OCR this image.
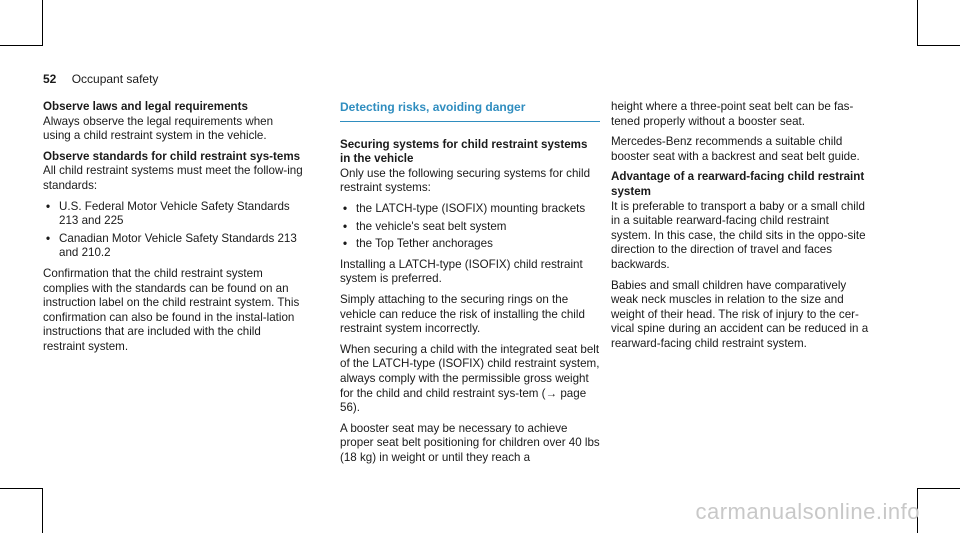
52 Occupant safety
Observe laws and legal requirements

Always observe the legal requirements when using a child restraint system in the vehicle.

Observe standards for child restraint sys-tems

All child restraint systems must meet the follow-ing standards:

• U.S. Federal Motor Vehicle Safety Standards 213 and 225
• Canadian Motor Vehicle Safety Standards 213 and 210.2

Confirmation that the child restraint system complies with the standards can be found on an instruction label on the child restraint system. This confirmation can also be found in the instal-lation instructions that are included with the child restraint system.

Detecting risks, avoiding danger

Securing systems for child restraint systems in the vehicle

Only use the following securing systems for child restraint systems:

• the LATCH-type (ISOFIX) mounting brackets
• the vehicle's seat belt system
• the Top Tether anchorages

Installing a LATCH-type (ISOFIX) child restraint system is preferred.

Simply attaching to the securing rings on the vehicle can reduce the risk of installing the child restraint system incorrectly.

When securing a child with the integrated seat belt of the LATCH-type (ISOFIX) child restraint system, always comply with the permissible gross weight for the child and child restraint sys-tem (→ page 56).

A booster seat may be necessary to achieve proper seat belt positioning for children over 40 lbs (18 kg) in weight or until they reach a

height where a three-point seat belt can be fas-tened properly without a booster seat.

Mercedes-Benz recommends a suitable child booster seat with a backrest and seat belt guide.

Advantage of a rearward-facing child restraint system

It is preferable to transport a baby or a small child in a suitable rearward-facing child restraint system. In this case, the child sits in the oppo-site direction to the direction of travel and faces backwards.

Babies and small children have comparatively weak neck muscles in relation to the size and weight of their head. The risk of injury to the cer-vical spine during an accident can be reduced in a rearward-facing child restraint system.

carmanualsonline.info
